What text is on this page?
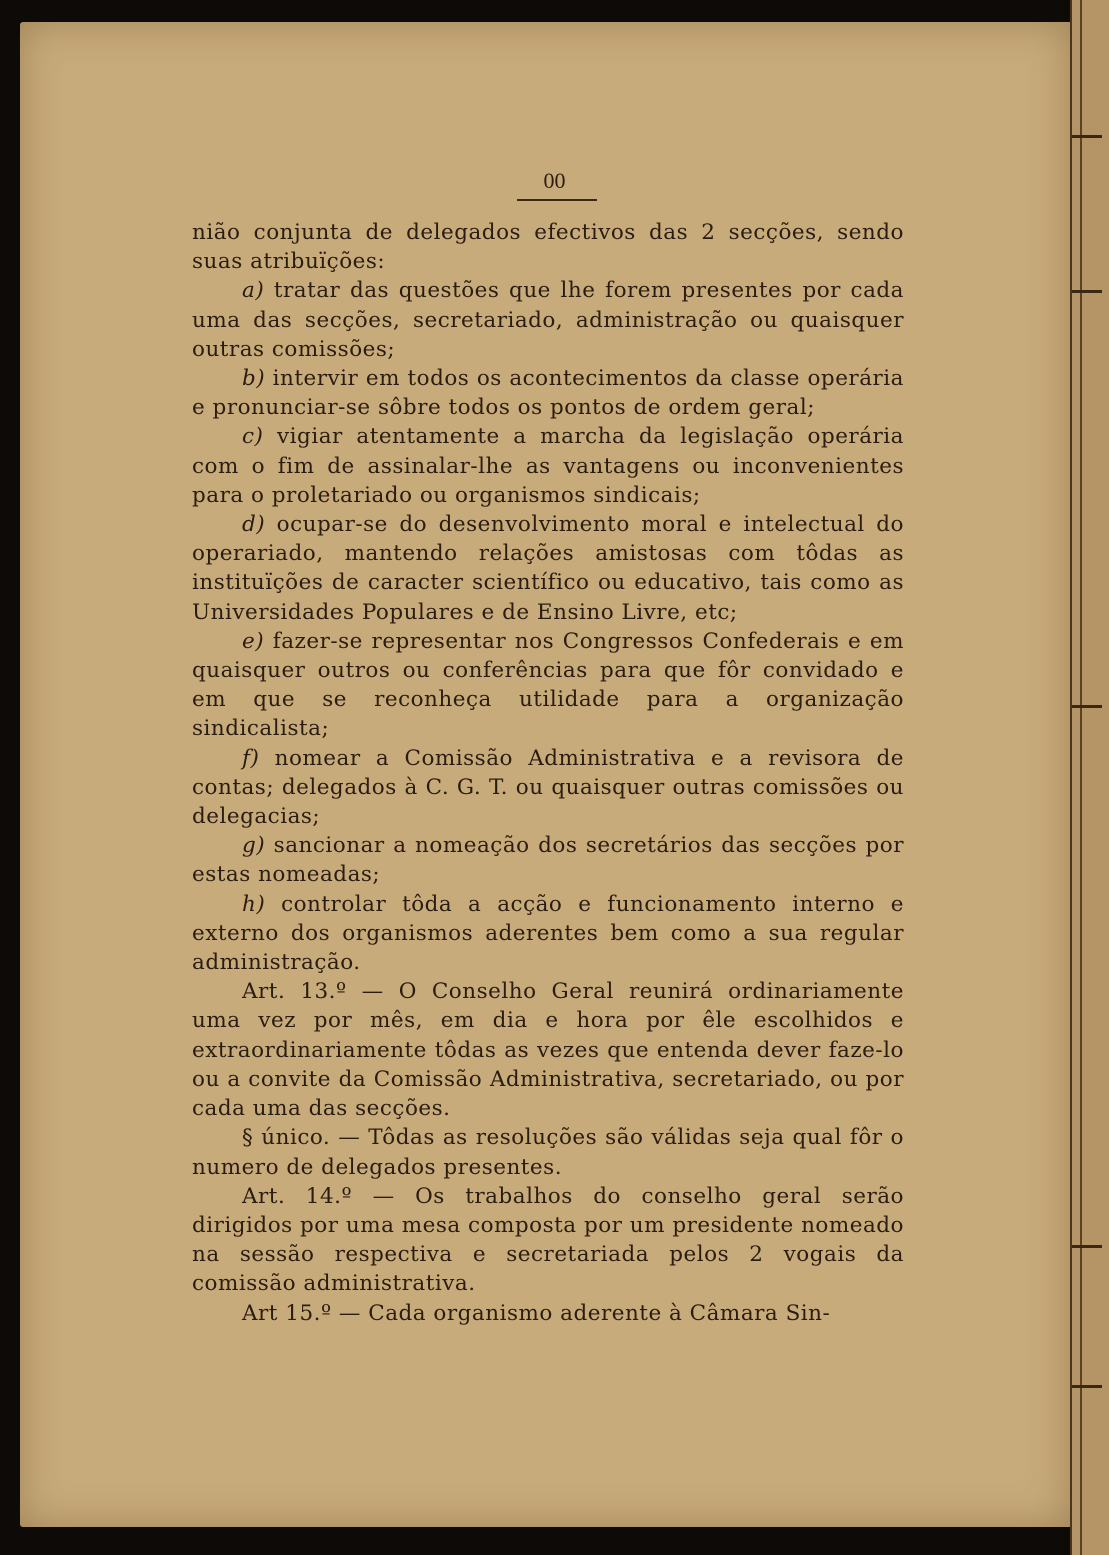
00

nião conjunta de delegados efectivos das 2 secções, sendo suas atribuïções:

a) tratar das questões que lhe forem presentes por cada uma das secções, secretariado, administração ou quaisquer outras comissões;

b) intervir em todos os acontecimentos da classe operária e pronunciar-se sôbre todos os pontos de ordem geral;

c) vigiar atentamente a marcha da legislação operária com o fim de assinalar-lhe as vantagens ou inconvenientes para o proletariado ou organismos sindicais;

d) ocupar-se do desenvolvimento moral e intelectual do operariado, mantendo relações amistosas com tôdas as instituïções de caracter scientífico ou educativo, tais como as Universidades Populares e de Ensino Livre, etc;

e) fazer-se representar nos Congressos Confederais e em quaisquer outros ou conferências para que fôr convidado e em que se reconheça utilidade para a organização sindicalista;

f) nomear a Comissão Administrativa e a revisora de contas; delegados à C. G. T. ou quaisquer outras comissões ou delegacias;

g) sancionar a nomeação dos secretários das secções por estas nomeadas;

h) controlar tôda a acção e funcionamento interno e externo dos organismos aderentes bem como a sua regular administração.

Art. 13.º — O Conselho Geral reunirá ordinariamente uma vez por mês, em dia e hora por êle escolhidos e extraordinariamente tôdas as vezes que entenda dever faze-lo ou a convite da Comissão Administrativa, secretariado, ou por cada uma das secções.

§ único. — Tôdas as resoluções são válidas seja qual fôr o numero de delegados presentes.

Art. 14.º — Os trabalhos do conselho geral serão dirigidos por uma mesa composta por um presidente nomeado na sessão respectiva e secretariada pelos 2 vogais da comissão administrativa.

Art 15.º — Cada organismo aderente à Câmara Sin-
